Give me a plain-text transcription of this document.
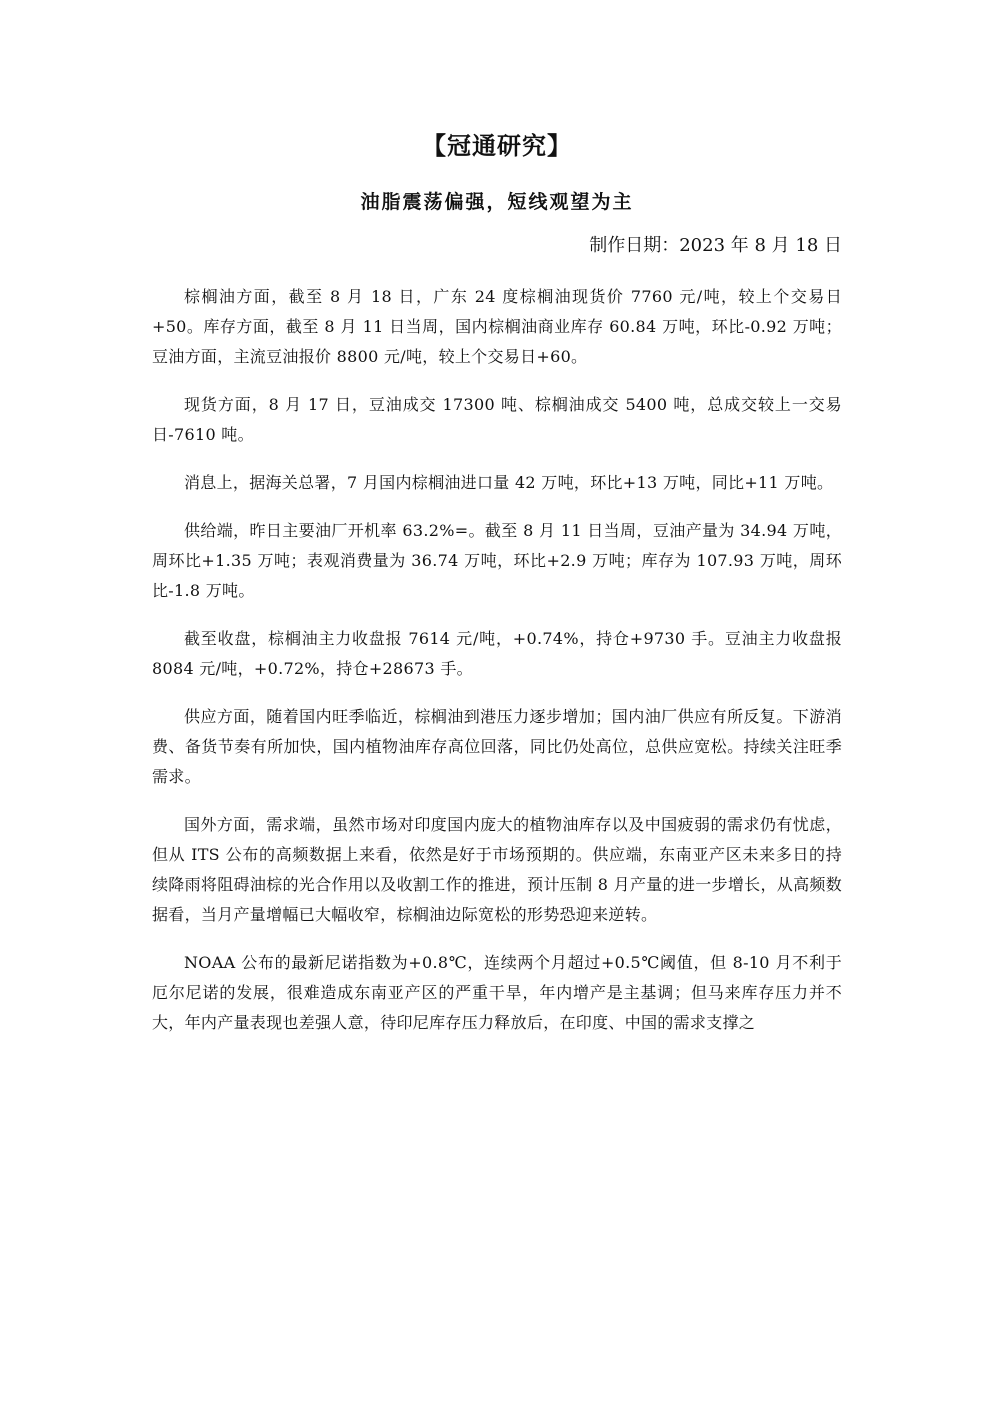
【冠通研究】
油脂震荡偏强，短线观望为主
制作日期：2023 年 8 月 18 日

棕榈油方面，截至 8 月 18 日，广东 24 度棕榈油现货价 7760 元/吨，较上个交易日+50。库存方面，截至 8 月 11 日当周，国内棕榈油商业库存 60.84 万吨，环比-0.92 万吨；豆油方面，主流豆油报价 8800 元/吨，较上个交易日+60。

现货方面，8 月 17 日，豆油成交 17300 吨、棕榈油成交 5400 吨，总成交较上一交易日-7610 吨。

消息上，据海关总署，7 月国内棕榈油进口量 42 万吨，环比+13 万吨，同比+11 万吨。

供给端，昨日主要油厂开机率 63.2%=。截至 8 月 11 日当周，豆油产量为 34.94 万吨，周环比+1.35 万吨；表观消费量为 36.74 万吨，环比+2.9 万吨；库存为 107.93 万吨，周环比-1.8 万吨。

截至收盘，棕榈油主力收盘报 7614 元/吨，+0.74%，持仓+9730 手。豆油主力收盘报 8084 元/吨，+0.72%，持仓+28673 手。

供应方面，随着国内旺季临近，棕榈油到港压力逐步增加；国内油厂供应有所反复。下游消费、备货节奏有所加快，国内植物油库存高位回落，同比仍处高位，总供应宽松。持续关注旺季需求。

国外方面，需求端，虽然市场对印度国内庞大的植物油库存以及中国疲弱的需求仍有忧虑，但从 ITS 公布的高频数据上来看，依然是好于市场预期的。供应端，东南亚产区未来多日的持续降雨将阻碍油棕的光合作用以及收割工作的推进，预计压制 8 月产量的进一步增长，从高频数据看，当月产量增幅已大幅收窄，棕榈油边际宽松的形势恐迎来逆转。

NOAA 公布的最新尼诺指数为+0.8℃，连续两个月超过+0.5℃阈值，但 8-10 月不利于厄尔尼诺的发展，很难造成东南亚产区的严重干旱，年内增产是主基调；但马来库存压力并不大，年内产量表现也差强人意，待印尼库存压力释放后，在印度、中国的需求支撑之
